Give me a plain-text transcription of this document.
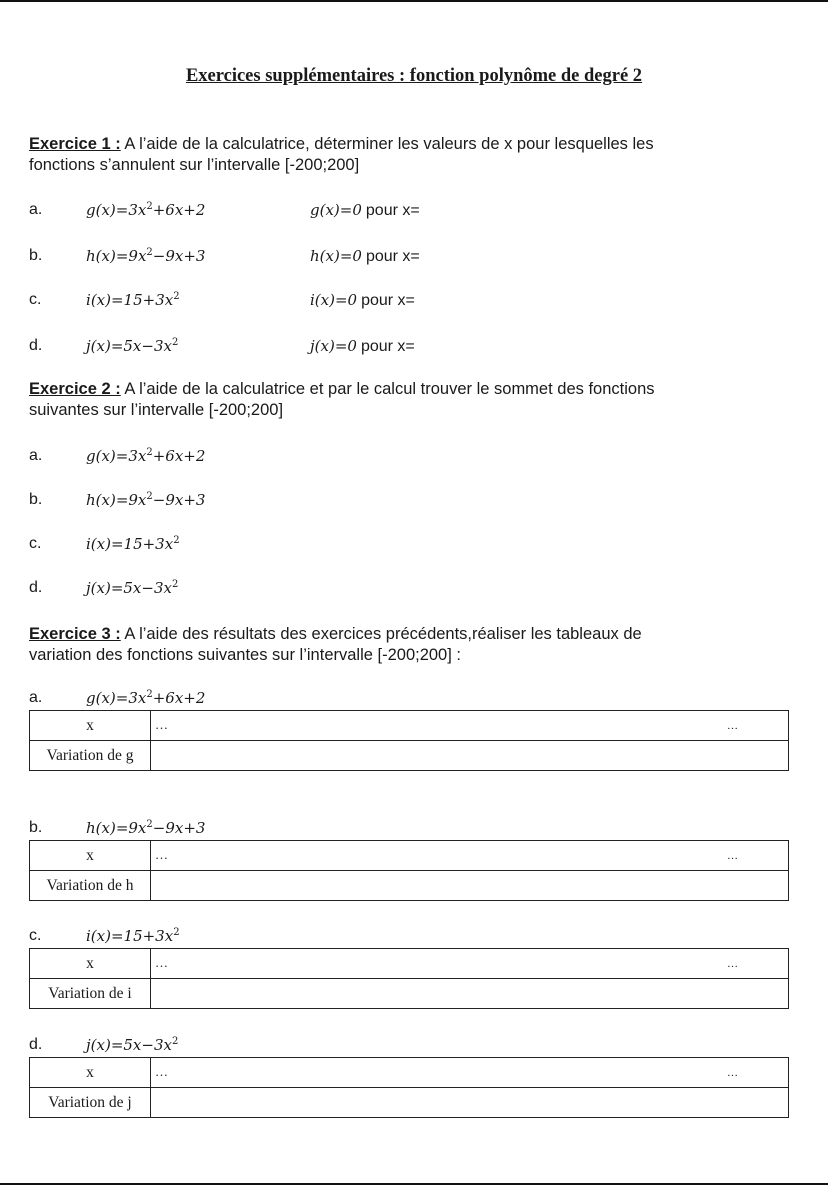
Exercices supplémentaires : fonction polynôme de degré 2
Exercice 1 : A l’aide de la calculatrice, déterminer les valeurs de x pour lesquelles les
fonctions s’annulent sur l’intervalle [-200;200]
a.	$g(x)=3x^2+6x+2$	g(x)=0 pour x=
b.	$h(x)=9x^2-9x+3$	h(x)=0 pour x=
c.	$i(x)=15+3x^2$	i(x)=0 pour x=
d.	$j(x)=5x-3x^2$	j(x)=0 pour x=
Exercice 2 : A l’aide de la calculatrice et par le calcul trouver le sommet des fonctions
suivantes sur l’intervalle [-200;200]
a.	$g(x)=3x^2+6x+2$
b.	$h(x)=9x^2-9x+3$
c.	$i(x)=15+3x^2$
d.	$j(x)=5x-3x^2$
Exercice 3 : A l’aide des résultats des exercices précédents,réaliser les tableaux de
variation des fonctions suivantes sur l’intervalle [-200;200] :
a.	$g(x)=3x^2+6x+2$
x	… …

Variation de g	
b.	$h(x)=9x^2-9x+3$
x	… …

Variation de h	
c.	$i(x)=15+3x^2$
x	… …

Variation de i	
d.	$j(x)=5x-3x^2$
x	… …

Variation de j	
